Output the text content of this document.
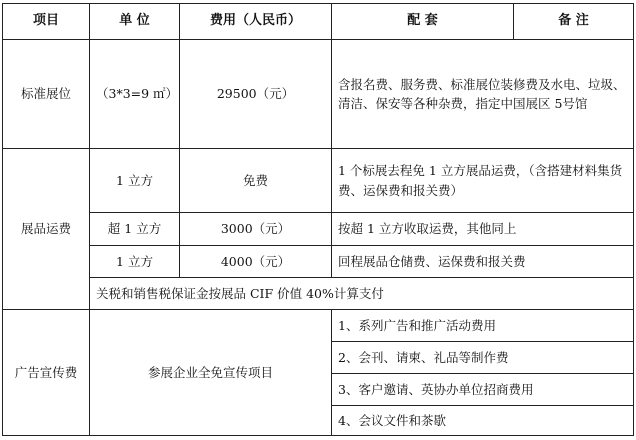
项目	单 位	费用（人民币）	配 套	备 注
标准展位	（3*3=9 ㎡）	29500（元）	含报名费、服务费、标准展位装修费及水电、垃圾、清洁、保安等各种杂费，指定中国展区 5号馆	
展品运费	1 立方	免费	1 个标展去程免 1 立方展品运费，（含搭建材料集货费、运保费和报关费）	
	超 1 立方	3000（元）	按超 1 立方收取运费，其他同上	
	1 立方	4000（元）	回程展品仓储费、运保费和报关费	
	关税和销售税保证金按展品 CIF 价值 40%计算支付			
广告宣传费	参展企业全免宣传项目		1、系列广告和推广活动费用	
			2、会刊、请柬、礼品等制作费	
			3、客户邀请、英协办单位招商费用	
			4、会议文件和茶歇	
